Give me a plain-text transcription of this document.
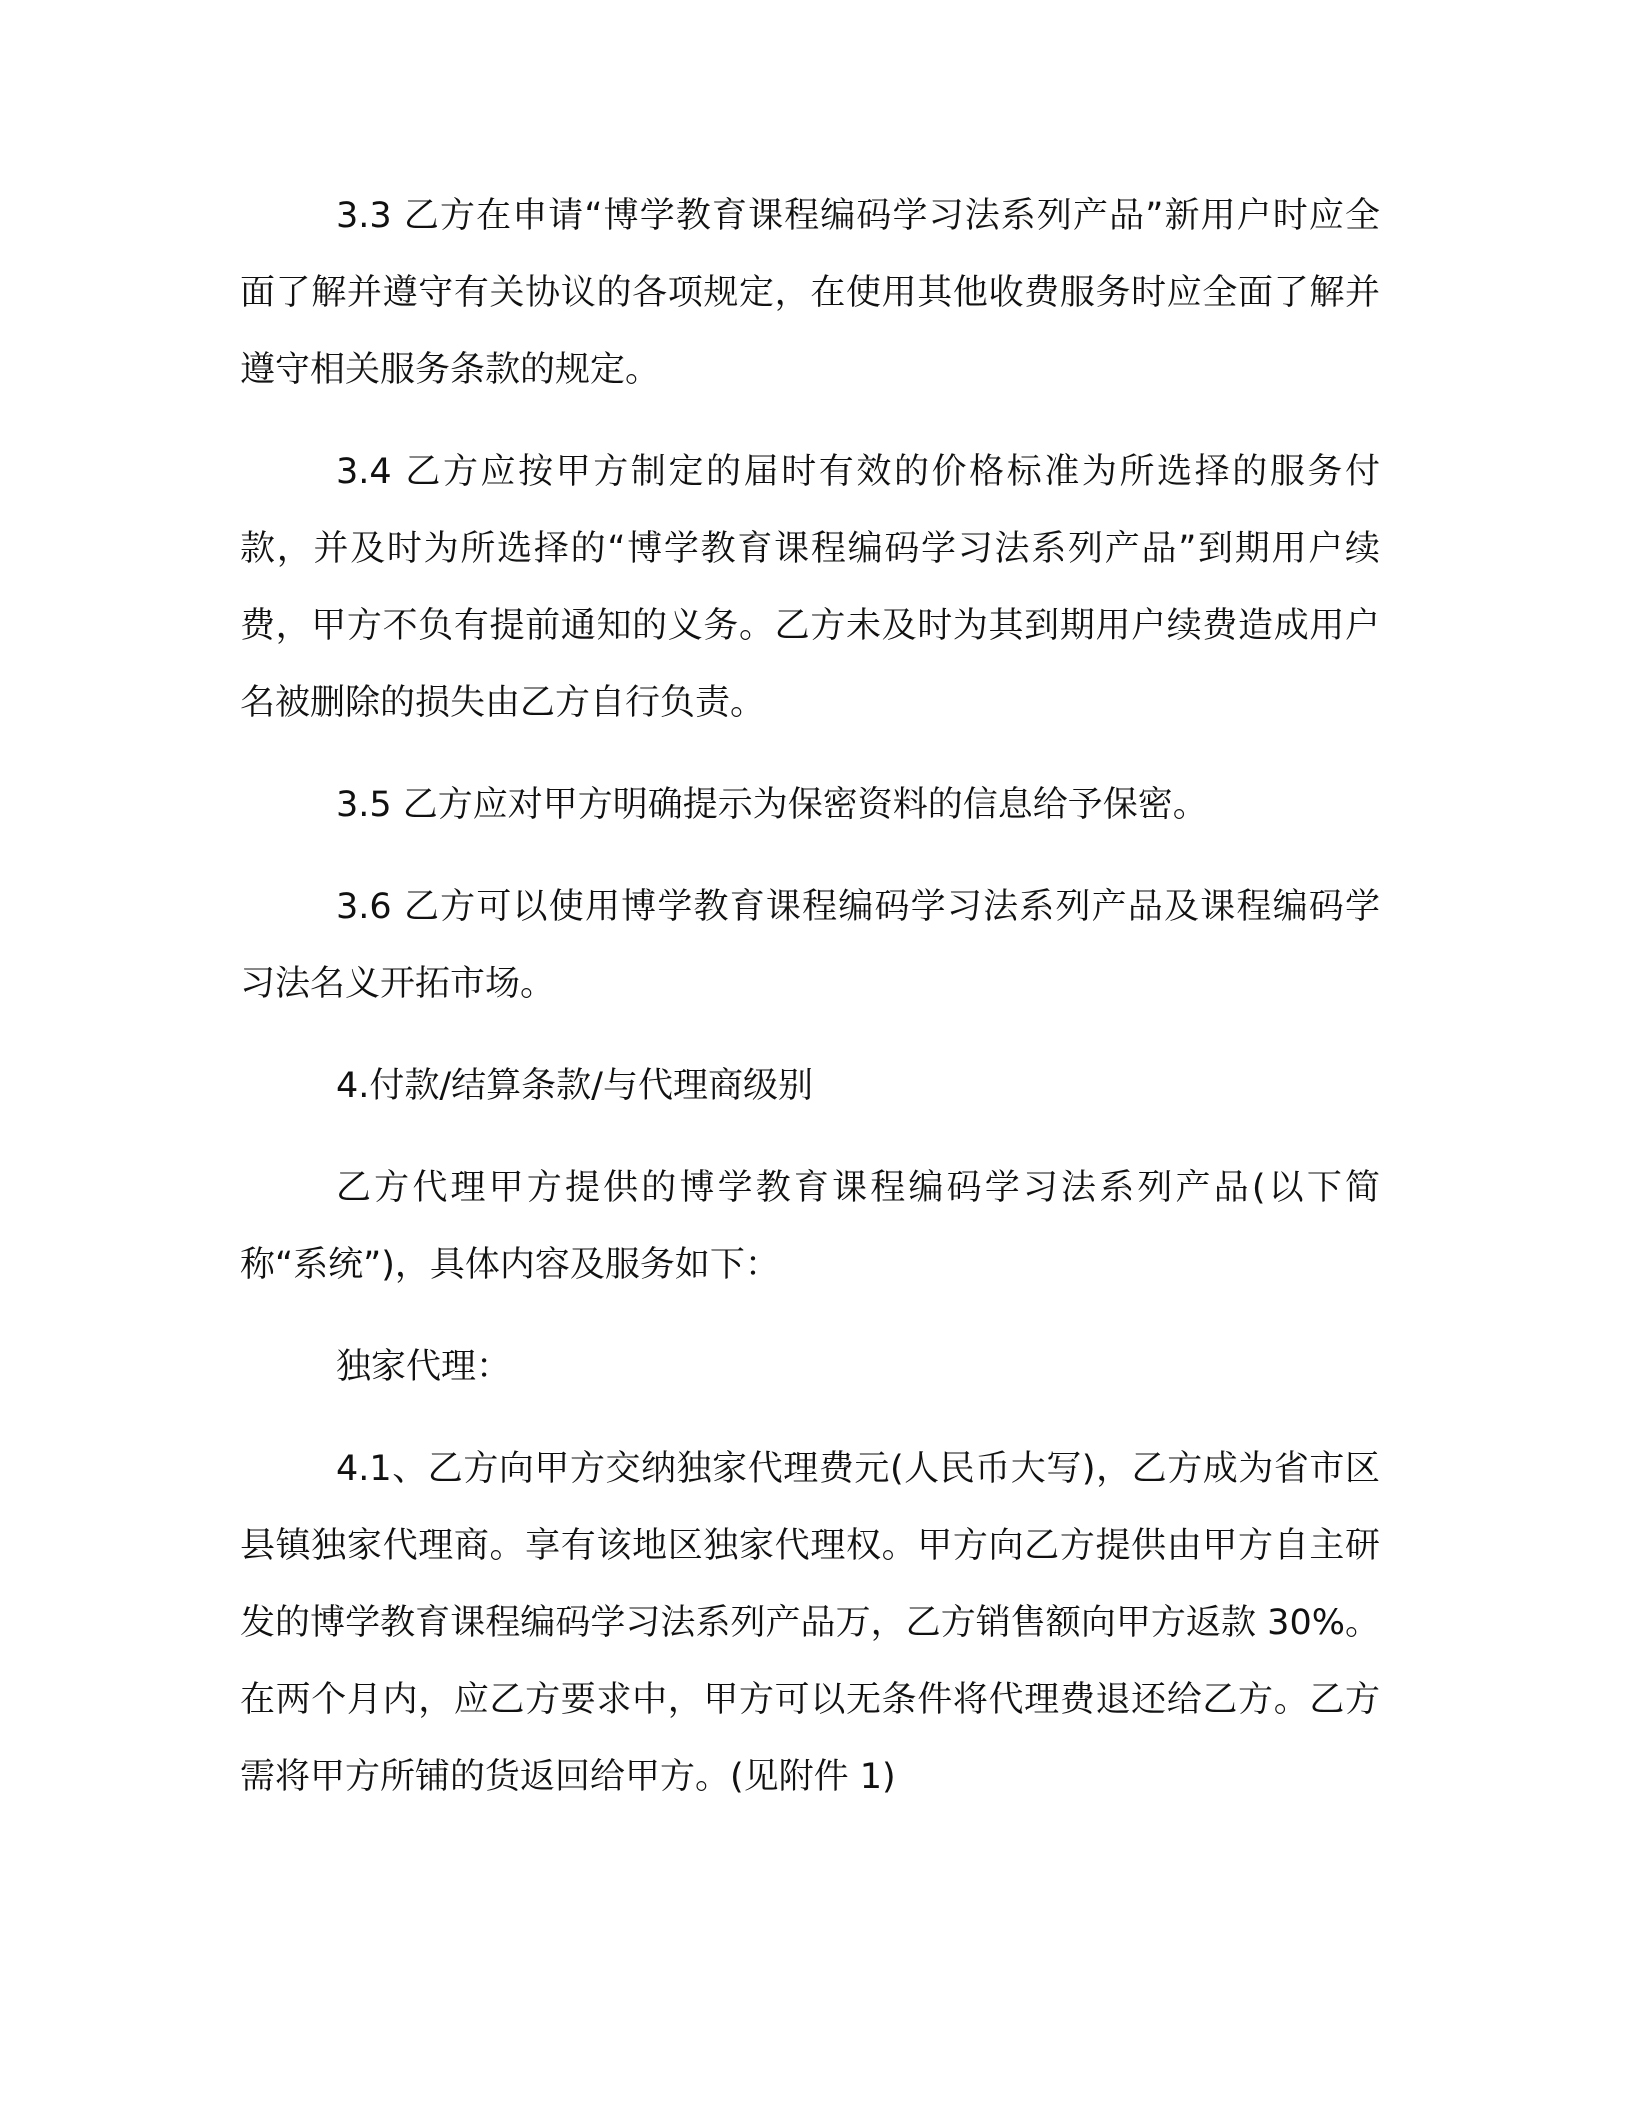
3.3 乙方在申请“博学教育课程编码学习法系列产品”新用户时应全面了解并遵守有关协议的各项规定，在使用其他收费服务时应全面了解并遵守相关服务条款的规定。

3.4 乙方应按甲方制定的届时有效的价格标准为所选择的服务付款，并及时为所选择的“博学教育课程编码学习法系列产品”到期用户续费，甲方不负有提前通知的义务。乙方未及时为其到期用户续费造成用户名被删除的损失由乙方自行负责。

3.5 乙方应对甲方明确提示为保密资料的信息给予保密。

3.6 乙方可以使用博学教育课程编码学习法系列产品及课程编码学习法名义开拓市场。

4.付款/结算条款/与代理商级别

乙方代理甲方提供的博学教育课程编码学习法系列产品(以下简称“系统”)，具体内容及服务如下：

独家代理：

4.1、乙方向甲方交纳独家代理费元(人民币大写)，乙方成为省市区县镇独家代理商。享有该地区独家代理权。甲方向乙方提供由甲方自主研发的博学教育课程编码学习法系列产品万，乙方销售额向甲方返款 30%。在两个月内，应乙方要求中，甲方可以无条件将代理费退还给乙方。乙方需将甲方所铺的货返回给甲方。(见附件 1)
